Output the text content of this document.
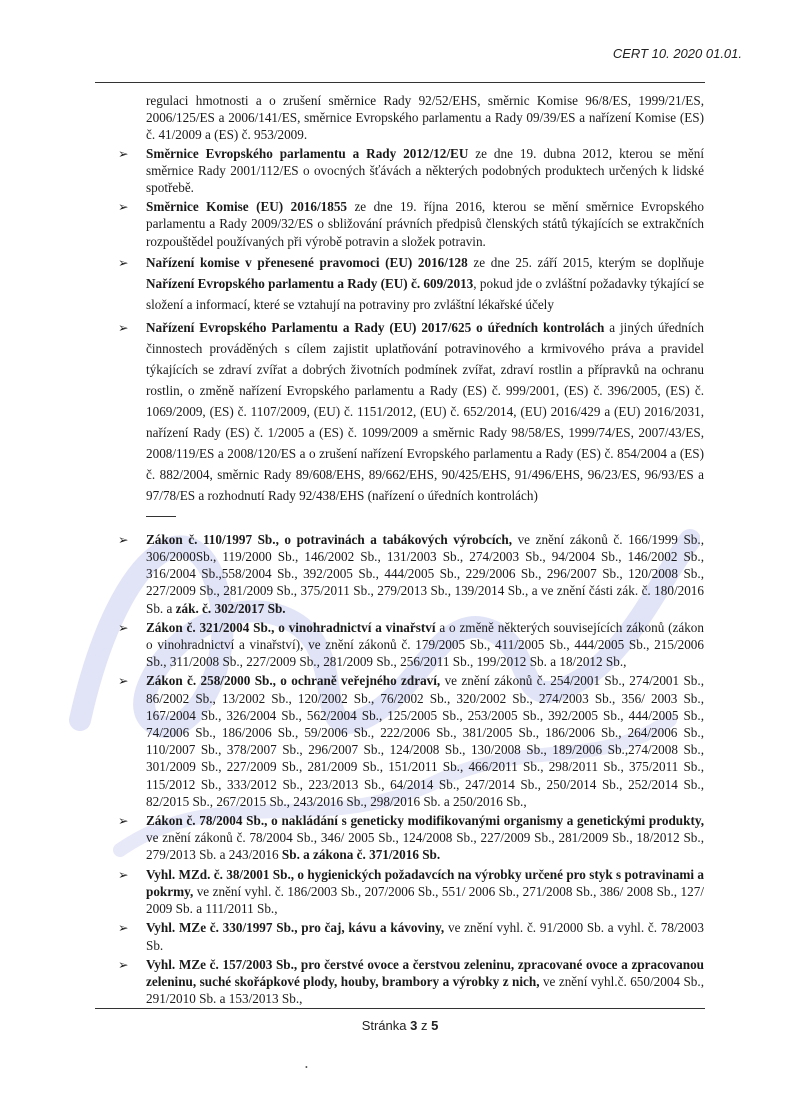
CERT 10. 2020 01.01.

regulaci hmotnosti a o zrušení směrnice Rady 92/52/EHS, směrnic Komise 96/8/ES, 1999/21/ES, 2006/125/ES a 2006/141/ES, směrnice Evropského parlamentu a Rady 09/39/ES a nařízení Komise (ES) č. 41/2009 a (ES) č. 953/2009.

➢ Směrnice Evropského parlamentu a Rady 2012/12/EU ze dne 19. dubna 2012, kterou se mění směrnice Rady 2001/112/ES o ovocných šťávách a některých podobných produktech určených k lidské spotřebě.
➢ Směrnice Komise (EU) 2016/1855 ze dne 19. října 2016, kterou se mění směrnice Evropského parlamentu a Rady 2009/32/ES o sbližování právních předpisů členských států týkajících se extrakčních rozpouštědel používaných při výrobě potravin a složek potravin.
➢ Nařízení komise v přenesené pravomoci (EU) 2016/128 ze dne 25. září 2015, kterým se doplňuje Nařízení Evropského parlamentu a Rady (EU) č. 609/2013, pokud jde o zvláštní požadavky týkající se složení a informací, které se vztahují na potraviny pro zvláštní lékařské účely
➢ Nařízení Evropského Parlamentu a Rady (EU) 2017/625 o úředních kontrolách a jiných úředních činnostech prováděných s cílem zajistit uplatňování potravinového a krmivového práva a pravidel týkajících se zdraví zvířat a dobrých životních podmínek zvířat, zdraví rostlin a přípravků na ochranu rostlin, o změně nařízení Evropského parlamentu a Rady (ES) č. 999/2001, (ES) č. 396/2005, (ES) č. 1069/2009, (ES) č. 1107/2009, (EU) č. 1151/2012, (EU) č. 652/2014, (EU) 2016/429 a (EU) 2016/2031, nařízení Rady (ES) č. 1/2005 a (ES) č. 1099/2009 a směrnic Rady 98/58/ES, 1999/74/ES, 2007/43/ES, 2008/119/ES a 2008/120/ES a o zrušení nařízení Evropského parlamentu a Rady (ES) č. 854/2004 a (ES) č. 882/2004, směrnic Rady 89/608/EHS, 89/662/EHS, 90/425/EHS, 91/496/EHS, 96/23/ES, 96/93/ES a 97/78/ES a rozhodnutí Rady 92/438/EHS (nařízení o úředních kontrolách)
➢ Zákon č. 110/1997 Sb., o potravinách a tabákových výrobcích, ve znění zákonů č. 166/1999 Sb., 306/2000Sb., 119/2000 Sb., 146/2002 Sb., 131/2003 Sb., 274/2003 Sb., 94/2004 Sb., 146/2002 Sb., 316/2004 Sb.,558/2004 Sb., 392/2005 Sb., 444/2005 Sb., 229/2006 Sb., 296/2007 Sb., 120/2008 Sb., 227/2009 Sb., 281/2009 Sb., 375/2011 Sb., 279/2013 Sb., 139/2014 Sb., a ve znění části zák. č. 180/2016 Sb. a zák. č. 302/2017 Sb.
➢ Zákon č. 321/2004 Sb., o vinohradnictví a vinařství a o změně některých souvisejících zákonů (zákon o vinohradnictví a vinařství), ve znění zákonů č. 179/2005 Sb., 411/2005 Sb., 444/2005 Sb., 215/2006 Sb., 311/2008 Sb., 227/2009 Sb., 281/2009 Sb., 256/2011 Sb., 199/2012 Sb. a 18/2012 Sb.,
➢ Zákon č. 258/2000 Sb., o ochraně veřejného zdraví, ve znění zákonů č. 254/2001 Sb., 274/2001 Sb., 86/2002 Sb., 13/2002 Sb., 120/2002 Sb., 76/2002 Sb., 320/2002 Sb., 274/2003 Sb., 356/ 2003 Sb., 167/2004 Sb., 326/2004 Sb., 562/2004 Sb., 125/2005 Sb., 253/2005 Sb., 392/2005 Sb., 444/2005 Sb., 74/2006 Sb., 186/2006 Sb., 59/2006 Sb., 222/2006 Sb., 381/2005 Sb., 186/2006 Sb., 264/2006 Sb., 110/2007 Sb., 378/2007 Sb., 296/2007 Sb., 124/2008 Sb., 130/2008 Sb., 189/2006 Sb.,274/2008 Sb., 301/2009 Sb., 227/2009 Sb., 281/2009 Sb., 151/2011 Sb., 466/2011 Sb., 298/2011 Sb., 375/2011 Sb., 115/2012 Sb., 333/2012 Sb., 223/2013 Sb., 64/2014 Sb., 247/2014 Sb., 250/2014 Sb., 252/2014 Sb., 82/2015 Sb., 267/2015 Sb., 243/2016 Sb., 298/2016 Sb. a 250/2016 Sb.,
➢ Zákon č. 78/2004 Sb., o nakládání s geneticky modifikovanými organismy a genetickými produkty, ve znění zákonů č. 78/2004 Sb., 346/ 2005 Sb., 124/2008 Sb., 227/2009 Sb., 281/2009 Sb., 18/2012 Sb., 279/2013 Sb. a 243/2016 Sb. a zákona č. 371/2016 Sb.
➢ Vyhl. MZd. č. 38/2001 Sb., o hygienických požadavcích na výrobky určené pro styk s potravinami a pokrmy, ve znění vyhl. č. 186/2003 Sb., 207/2006 Sb., 551/ 2006 Sb., 271/2008 Sb., 386/ 2008 Sb., 127/ 2009 Sb. a 111/2011 Sb.,
➢ Vyhl. MZe č. 330/1997 Sb., pro čaj, kávu a kávoviny, ve znění vyhl. č. 91/2000 Sb. a vyhl. č. 78/2003 Sb.
➢ Vyhl. MZe č. 157/2003 Sb., pro čerstvé ovoce a čerstvou zeleninu, zpracované ovoce a zpracovanou zeleninu, suché skořápkové plody, houby, brambory a výrobky z nich, ve znění vyhl.č. 650/2004 Sb., 291/2010 Sb. a 153/2013 Sb.,
•
Stránka 3 z 5
